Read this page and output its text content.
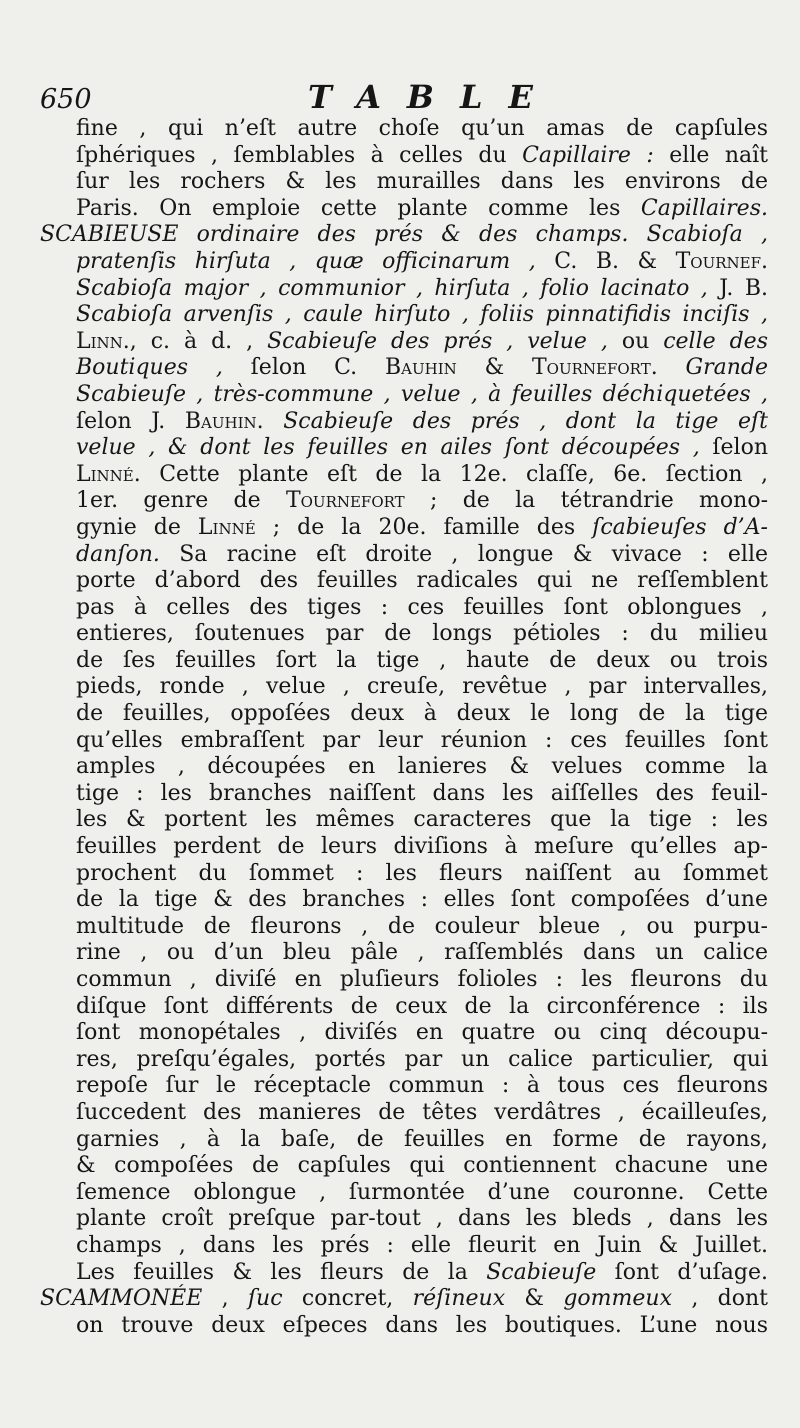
650	TABLE
fine , qui n’eſt autre choſe qu’un amas de capſules
ſphériques , ſemblables à celles du Capillaire : elle naît
ſur les rochers & les murailles dans les environs de
Paris. On emploie cette plante comme les Capillaires.
SCABIEUSE ordinaire des prés & des champs. Scabioſa ,
pratenſis hirſuta , quæ officinarum , C. B. & Tournef.
Scabioſa major , communior , hirſuta , folio lacinato , J. B.
Scabioſa arvenſis , caule hirſuto , foliis pinnatifidis inciſis ,
Linn., c. à d. , Scabieuſe des prés , velue , ou celle des
Boutiques , ſelon C. Bauhin & Tournefort. Grande
Scabieuſe , très-commune , velue , à feuilles déchiquetées ,
ſelon J. Bauhin. Scabieuſe des prés , dont la tige eſt
velue , & dont les feuilles en ailes ſont découpées , ſelon
Linné. Cette plante eſt de la 12e. claſſe, 6e. ſection ,
1er. genre de Tournefort ; de la tétrandrie mono-
gynie de Linné ; de la 20e. famille des ſcabieuſes d’A-
danſon. Sa racine eſt droite , longue & vivace : elle
porte d’abord des feuilles radicales qui ne reſſemblent
pas à celles des tiges : ces feuilles ſont oblongues ,
entieres, ſoutenues par de longs pétioles : du milieu
de ſes feuilles ſort la tige , haute de deux ou trois
pieds, ronde , velue , creuſe, revêtue , par intervalles,
de feuilles, oppoſées deux à deux le long de la tige
qu’elles embraſſent par leur réunion : ces feuilles ſont
amples , découpées en lanieres & velues comme la
tige : les branches naiſſent dans les aiſſelles des feuil-
les & portent les mêmes caracteres que la tige : les
feuilles perdent de leurs diviſions à meſure qu’elles ap-
prochent du ſommet : les fleurs naiſſent au ſommet
de la tige & des branches : elles ſont compoſées d’une
multitude de fleurons , de couleur bleue , ou purpu-
rine , ou d’un bleu pâle , raſſemblés dans un calice
commun , diviſé en pluſieurs folioles : les fleurons du
diſque ſont différents de ceux de la circonférence : ils
ſont monopétales , diviſés en quatre ou cinq découpu-
res, preſqu’égales, portés par un calice particulier, qui
repoſe ſur le réceptacle commun : à tous ces fleurons
ſuccedent des manieres de têtes verdâtres , écailleuſes,
garnies , à la baſe, de feuilles en forme de rayons,
& compoſées de capſules qui contiennent chacune une
ſemence oblongue , ſurmontée d’une couronne. Cette
plante croît preſque par-tout , dans les bleds , dans les
champs , dans les prés : elle fleurit en Juin & Juillet.
Les feuilles & les fleurs de la Scabieuſe ſont d’uſage.
SCAMMONÉE , ſuc concret, réſineux & gommeux , dont
on trouve deux eſpeces dans les boutiques. L’une nous
